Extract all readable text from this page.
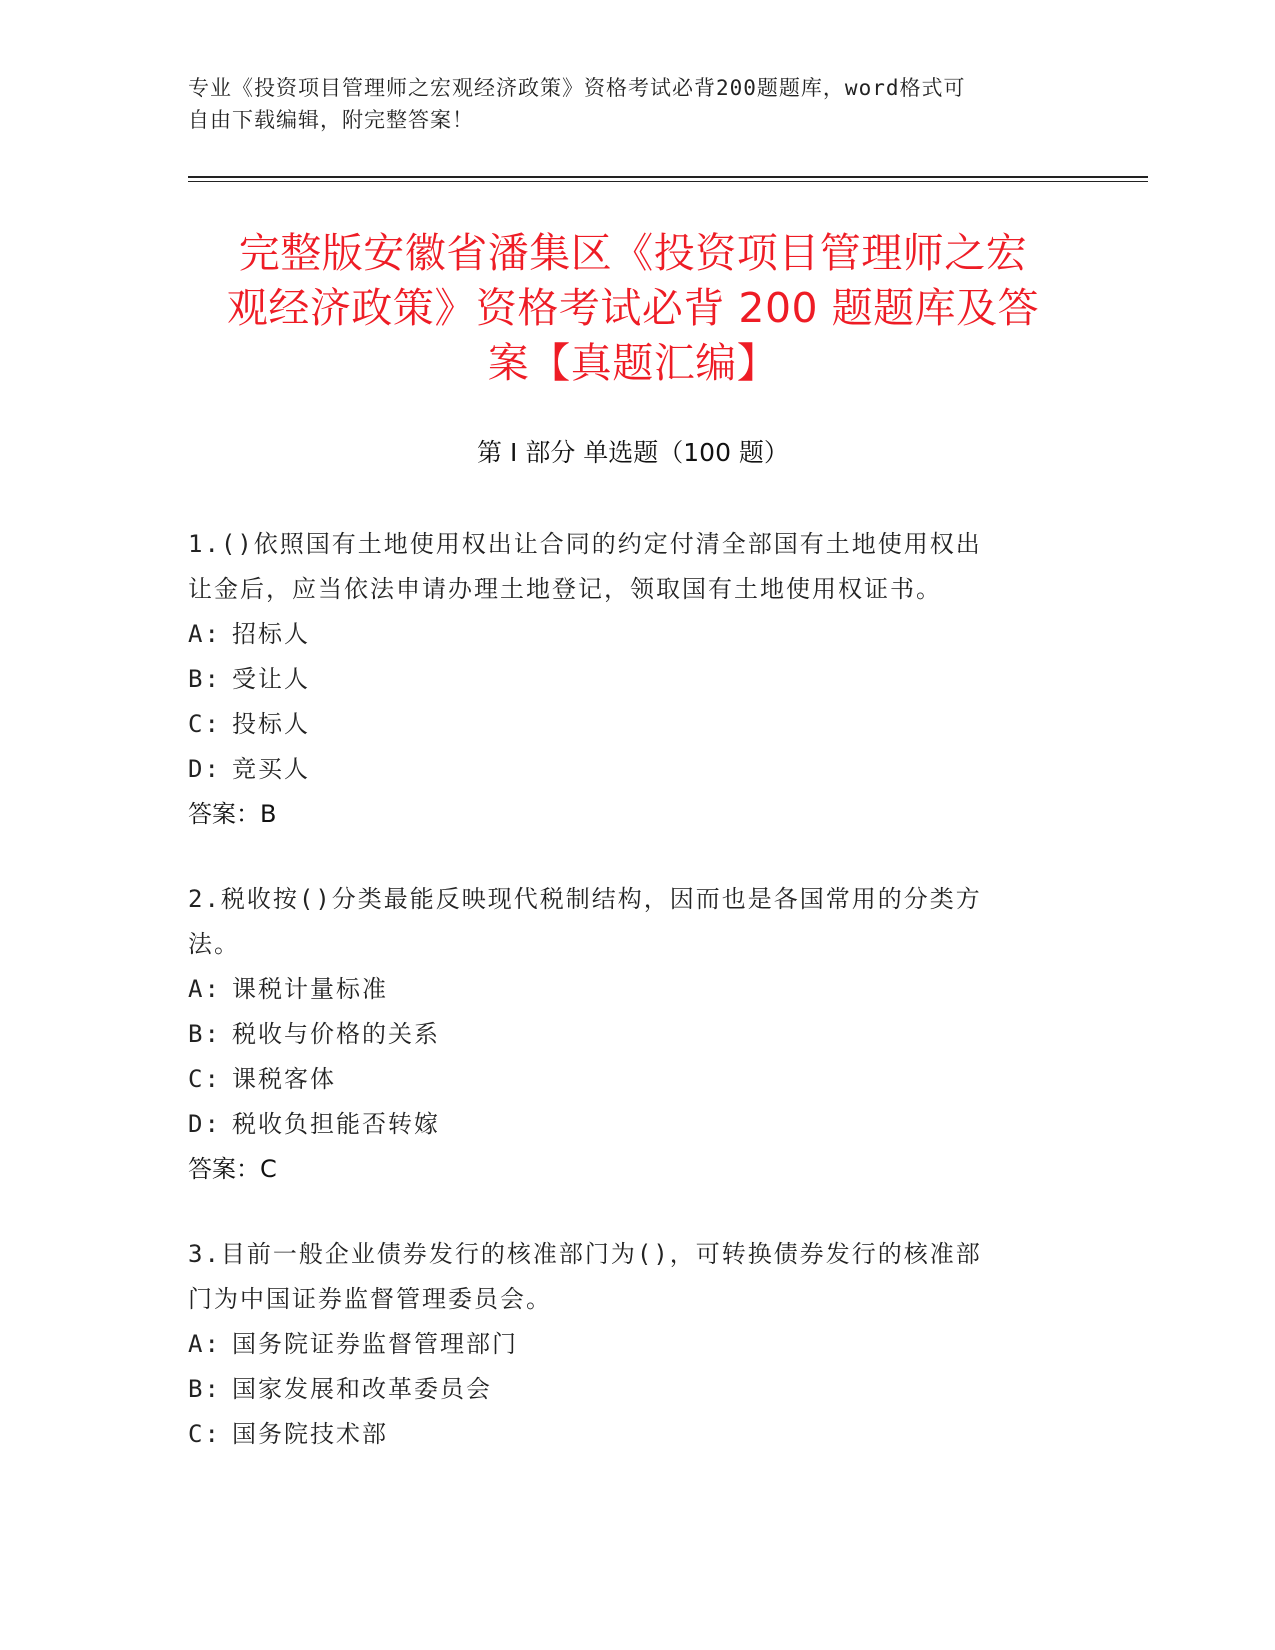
专业《投资项目管理师之宏观经济政策》资格考试必背200题题库，word格式可
自由下载编辑，附完整答案！
完整版安徽省潘集区《投资项目管理师之宏
观经济政策》资格考试必背 200 题题库及答
案【真题汇编】
第 I 部分 单选题（100 题）
1.()依照国有土地使用权出让合同的约定付清全部国有土地使用权出
让金后，应当依法申请办理土地登记，领取国有土地使用权证书。
A: 招标人
B: 受让人
C: 投标人
D: 竞买人
答案：B
2.税收按()分类最能反映现代税制结构，因而也是各国常用的分类方
法。
A: 课税计量标准
B: 税收与价格的关系
C: 课税客体
D: 税收负担能否转嫁
答案：C
3.目前一般企业债券发行的核准部门为()，可转换债券发行的核准部
门为中国证券监督管理委员会。
A: 国务院证券监督管理部门
B: 国家发展和改革委员会
C: 国务院技术部
